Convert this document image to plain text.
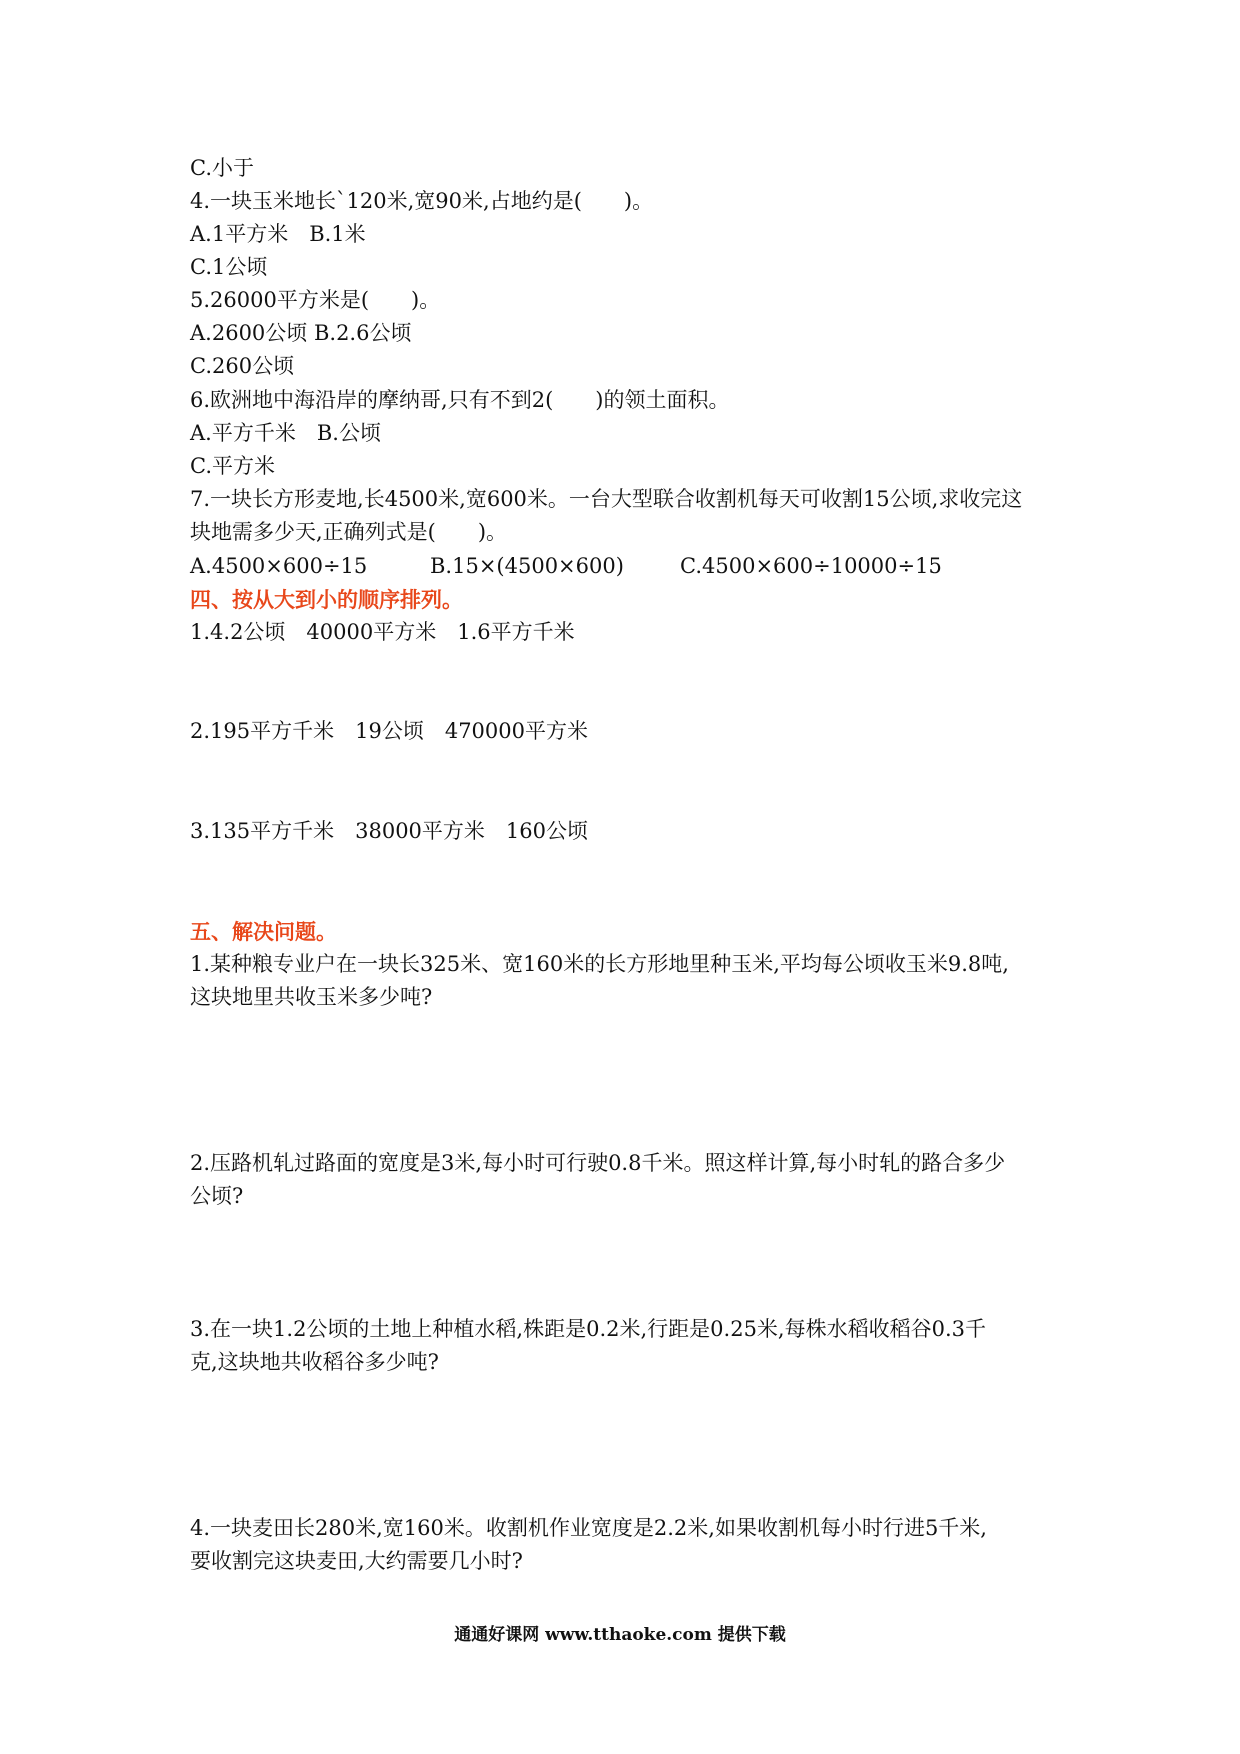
C.小于
4.一块玉米地长`120米,宽90米,占地约是(　　)。
A.1平方米　B.1米
C.1公顷
5.26000平方米是(　　)。
A.2600公顷 B.2.6公顷
C.260公顷
6.欧洲地中海沿岸的摩纳哥,只有不到2(　　)的领土面积。
A.平方千米　B.公顷
C.平方米
7.一块长方形麦地,长4500米,宽600米。一台大型联合收割机每天可收割15公顷,求收完这
块地需多少天,正确列式是(　　)。
A.4500×600÷15	B.15×(4500×600)	C.4500×600÷10000÷15
四、按从大到小的顺序排列。
1.4.2公顷　40000平方米　1.6平方千米
2.195平方千米　19公顷　470000平方米
3.135平方千米　38000平方米　160公顷
五、解决问题。
1.某种粮专业户在一块长325米、宽160米的长方形地里种玉米,平均每公顷收玉米9.8吨,
这块地里共收玉米多少吨?
2.压路机轧过路面的宽度是3米,每小时可行驶0.8千米。照这样计算,每小时轧的路合多少
公顷?
3.在一块1.2公顷的土地上种植水稻,株距是0.2米,行距是0.25米,每株水稻收稻谷0.3千
克,这块地共收稻谷多少吨?
4.一块麦田长280米,宽160米。收割机作业宽度是2.2米,如果收割机每小时行进5千米,
要收割完这块麦田,大约需要几小时?
通通好课网 www.tthaoke.com 提供下载
